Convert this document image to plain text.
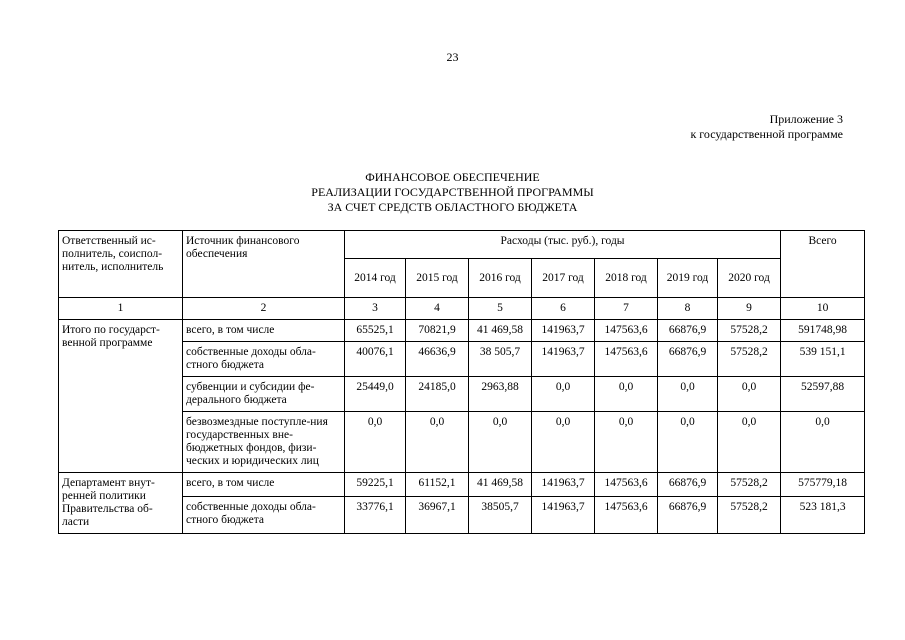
23
Приложение 3
к государственной программе
ФИНАНСОВОЕ ОБЕСПЕЧЕНИЕ
РЕАЛИЗАЦИИ ГОСУДАРСТВЕННОЙ ПРОГРАММЫ
ЗА СЧЕТ СРЕДСТВ ОБЛАСТНОГО БЮДЖЕТА
Ответственный ис-полнитель, соиспол-нитель, исполнитель	Источник финансового обеспечения	Расходы (тыс. руб.), годы							Всего
		2014 год	2015 год	2016 год	2017 год	2018 год	2019 год	2020 год	
1	2	3	4	5	6	7	8	9	10
Итого по государст-венной программе	всего, в том числе	65525,1	70821,9	41 469,58	141963,7	147563,6	66876,9	57528,2	591748,98
	собственные доходы обла-стного бюджета	40076,1	46636,9	38 505,7	141963,7	147563,6	66876,9	57528,2	539 151,1
	субвенции и субсидии фе-дерального бюджета	25449,0	24185,0	2963,88	0,0	0,0	0,0	0,0	52597,88
	безвозмездные поступле-ния государственных вне-бюджетных фондов, физи-ческих и юридических лиц	0,0	0,0	0,0	0,0	0,0	0,0	0,0	0,0
Департамент внут-ренней политики Правительства об-ласти	всего, в том числе	59225,1	61152,1	41 469,58	141963,7	147563,6	66876,9	57528,2	575779,18
	собственные доходы обла-стного бюджета	33776,1	36967,1	38505,7	141963,7	147563,6	66876,9	57528,2	523 181,3
